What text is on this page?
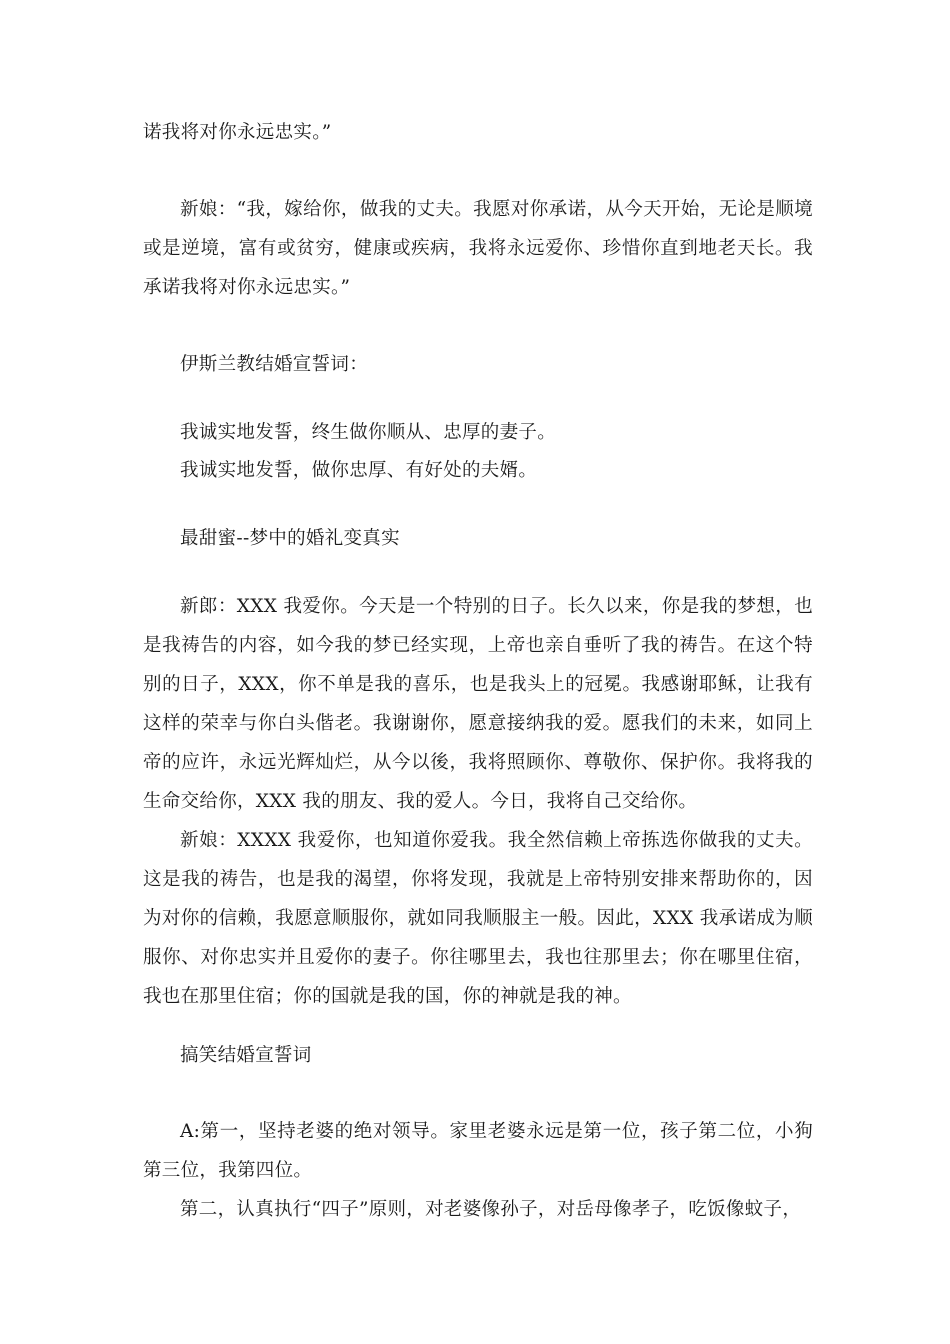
诺我将对你永远忠实。”

新娘：“我，嫁给你，做我的丈夫。我愿对你承诺，从今天开始，无论是顺境或是逆境，富有或贫穷，健康或疾病，我将永远爱你、珍惜你直到地老天长。我承诺我将对你永远忠实。”

伊斯兰教结婚宣誓词：

我诚实地发誓，终生做你顺从、忠厚的妻子。

我诚实地发誓，做你忠厚、有好处的夫婿。

最甜蜜--梦中的婚礼变真实

新郎：XXX 我爱你。今天是一个特别的日子。长久以来，你是我的梦想，也是我祷告的内容，如今我的梦已经实现，上帝也亲自垂听了我的祷告。在这个特别的日子，XXX，你不单是我的喜乐，也是我头上的冠冕。我感谢耶稣，让我有这样的荣幸与你白头偕老。我谢谢你，愿意接纳我的爱。愿我们的未来，如同上帝的应许，永远光辉灿烂，从今以後，我将照顾你、尊敬你、保护你。我将我的生命交给你，XXX 我的朋友、我的爱人。今日，我将自己交给你。

新娘：XXXX 我爱你，也知道你爱我。我全然信赖上帝拣选你做我的丈夫。这是我的祷告，也是我的渴望，你将发现，我就是上帝特别安排来帮助你的，因为对你的信赖，我愿意顺服你，就如同我顺服主一般。因此，XXX 我承诺成为顺服你、对你忠实并且爱你的妻子。你往哪里去，我也往那里去；你在哪里住宿，我也在那里住宿；你的国就是我的国，你的神就是我的神。

搞笑结婚宣誓词

A:第一，坚持老婆的绝对领导。家里老婆永远是第一位，孩子第二位，小狗第三位，我第四位。

第二，认真执行“四子”原则，对老婆像孙子，对岳母像孝子，吃饭像蚊子，
